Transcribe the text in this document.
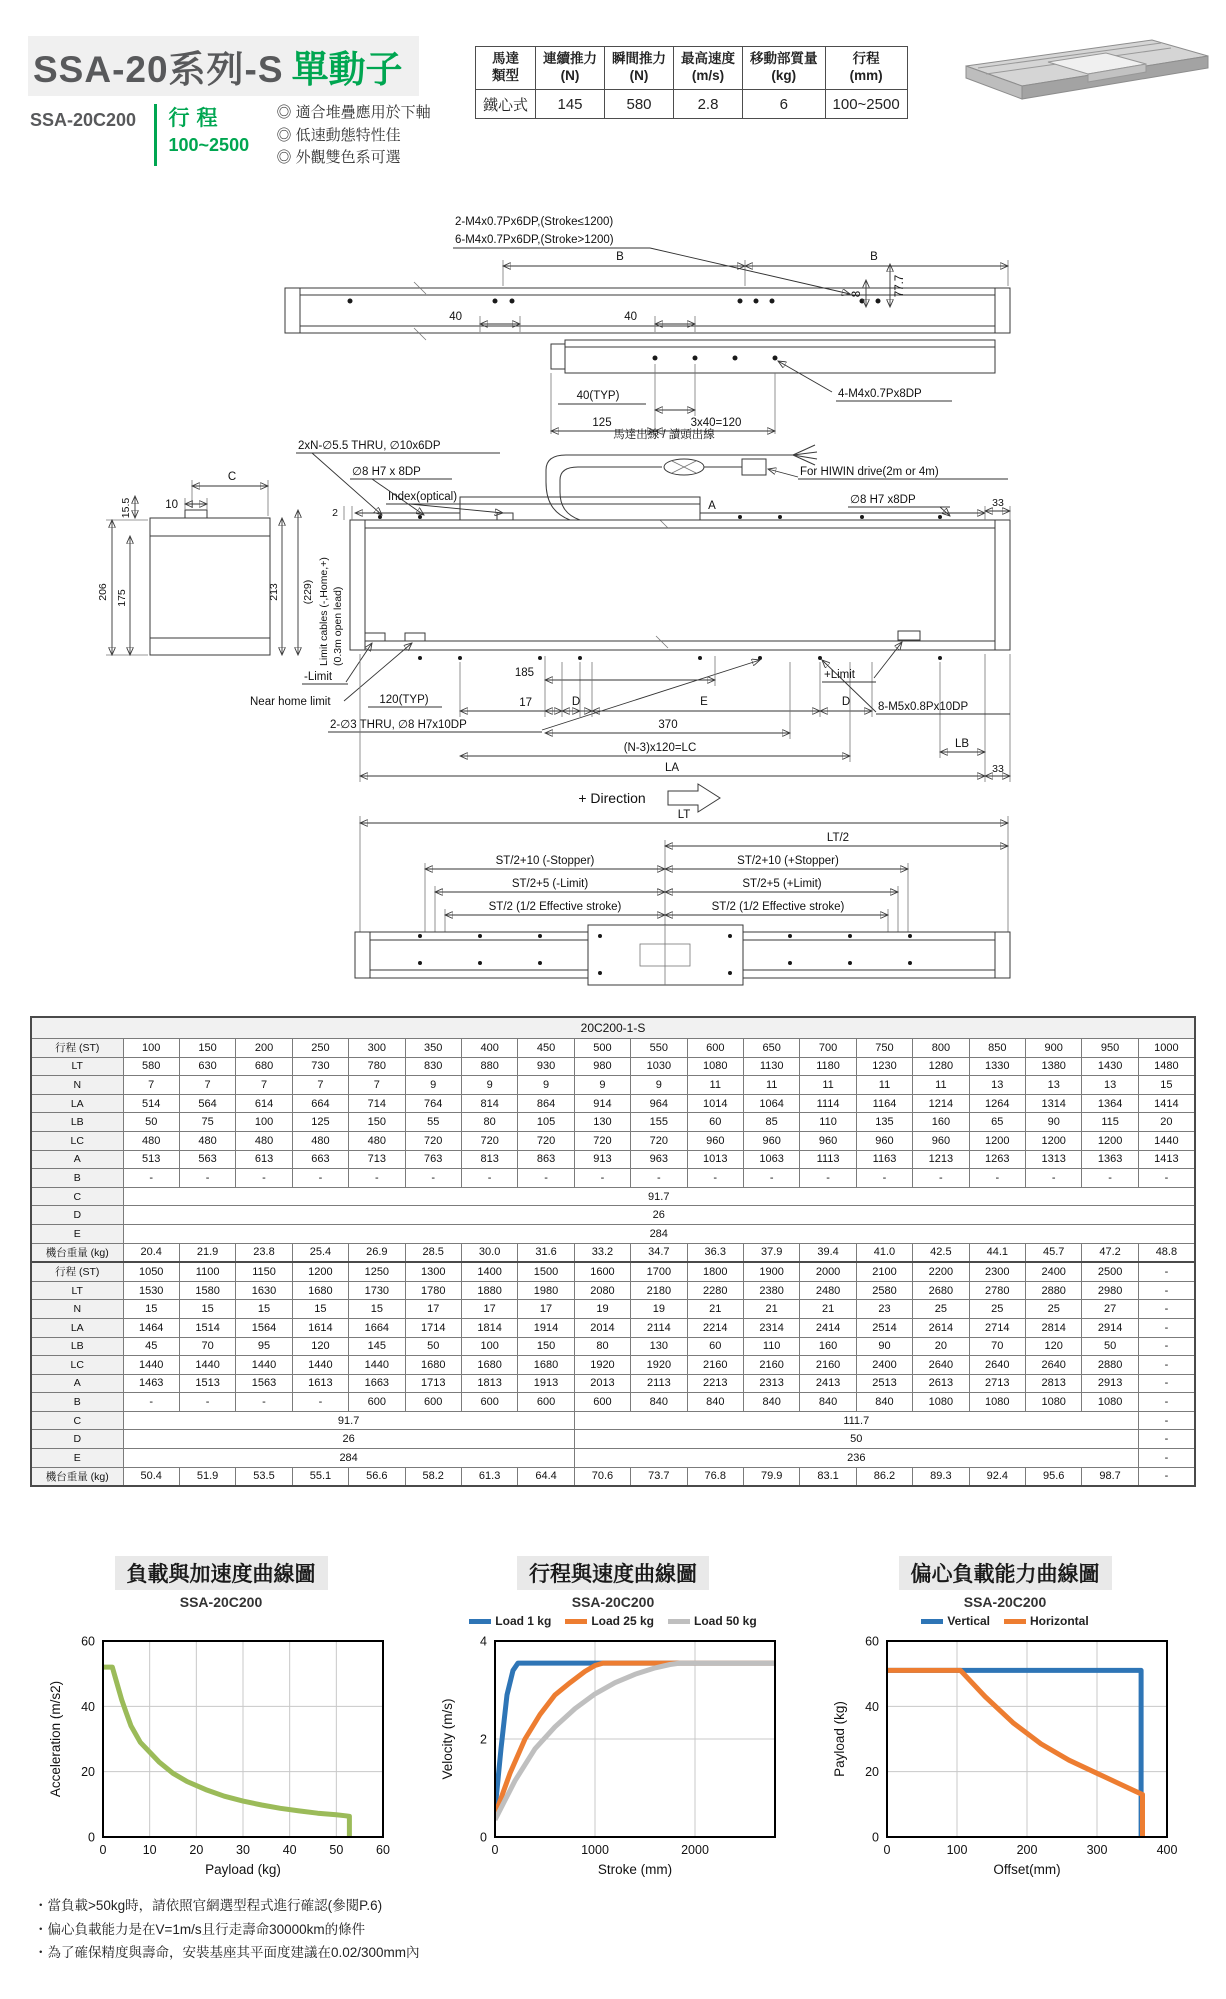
SSA-20系列-S 單動子
SSA-20C200	行程
100~2500
◎ 適合堆疊應用於下軸
◎ 低速動態特性佳
◎ 外觀雙色系可選
馬達
類型

連續推力
(N)

瞬間推力
(N)

最高速度
(m/s)

移動部質量
(kg)

行程
(mm)

鐵心式	145	580	2.8	6	100~2500
B	B
2-M4x0.7Px6DP,(Stroke≤1200)
6-M4x0.7Px6DP,(Stroke>1200)
40	40
8	77.7
40(TYP)
125	3x40=120
4-M4x0.7Px8DP
C
10
15.5
206 175	213 (229)
A	33
2
2xN-∅5.5 THRU, ∅10x6DP
∅8 H7 x 8DP
Index(optical)
馬達出線 / 讀頭出線
For HIWIN drive(2m or 4m)
∅8 H7 x8DP
Limit cables (-,Home,+) (0.3m open lead)
-Limit
Near home limit	120(TYP)
2-∅3 THRU, ∅8 H7x10DP
185
17	D	E	D
370
(N-3)x120=LC	LB
LA	33
+Limit
8-M5x0.8Px10DP
+ Direction
LT
LT/2
ST/2+10 (-Stopper)	ST/2+10 (+Stopper)
ST/2+5 (-Limit)	ST/2+5 (+Limit)
ST/2 (1/2 Effective stroke)	ST/2 (1/2 Effective stroke)
20C200-1-S																			
行程 (ST)	100	150	200	250	300	350	400	450	500	550	600	650	700	750	800	850	900	950	1000
LT	580	630	680	730	780	830	880	930	980	1030	1080	1130	1180	1230	1280	1330	1380	1430	1480
N	7	7	7	7	7	9	9	9	9	9	11	11	11	11	11	13	13	13	15
LA	514	564	614	664	714	764	814	864	914	964	1014	1064	1114	1164	1214	1264	1314	1364	1414
LB	50	75	100	125	150	55	80	105	130	155	60	85	110	135	160	65	90	115	20
LC	480	480	480	480	480	720	720	720	720	720	960	960	960	960	960	1200	1200	1200	1440
A	513	563	613	663	713	763	813	863	913	963	1013	1063	1113	1163	1213	1263	1313	1363	1413
B	-	-	-	-	-	-	-	-	-	-	-	-	-	-	-	-	-	-	-
C	91.7																		
D	26																		
E	284																		
機台重量 (kg)	20.4	21.9	23.8	25.4	26.9	28.5	30.0	31.6	33.2	34.7	36.3	37.9	39.4	41.0	42.5	44.1	45.7	47.2	48.8
行程 (ST)	1050	1100	1150	1200	1250	1300	1400	1500	1600	1700	1800	1900	2000	2100	2200	2300	2400	2500	-
LT	1530	1580	1630	1680	1730	1780	1880	1980	2080	2180	2280	2380	2480	2580	2680	2780	2880	2980	-
N	15	15	15	15	15	17	17	17	19	19	21	21	21	23	25	25	25	27	-
LA	1464	1514	1564	1614	1664	1714	1814	1914	2014	2114	2214	2314	2414	2514	2614	2714	2814	2914	-
LB	45	70	95	120	145	50	100	150	80	130	60	110	160	90	20	70	120	50	-
LC	1440	1440	1440	1440	1440	1680	1680	1680	1920	1920	2160	2160	2160	2400	2640	2640	2640	2880	-
A	1463	1513	1563	1613	1663	1713	1813	1913	2013	2113	2213	2313	2413	2513	2613	2713	2813	2913	-
B	-	-	-	-	600	600	600	600	600	840	840	840	840	840	1080	1080	1080	1080	-
C	91.7								111.7										-
D	26								50										-
E	284								236										-
機台重量 (kg)	50.4	51.9	53.5	55.1	56.6	58.2	61.3	64.4	70.6	73.7	76.8	79.9	83.1	86.2	89.3	92.4	95.6	98.7	-
負載與加速度曲線圖
SSA-20C200
0	10	20	30	40	50	60
0
20
40
60
Payload (kg)
Acceleration (m/s2)
行程與速度曲線圖
SSA-20C200
Load 1 kg	Load 25 kg	Load 50 kg
0	1000	2000
0
2
4
Stroke (mm)
Velocity (m/s)
偏心負載能力曲線圖
SSA-20C200
Vertical	Horizontal
0	100	200	300	400
0
20
40
60
Offset(mm)
Payload (kg)
・當負載>50kg時，請依照官網選型程式進行確認(參閱P.6)
・偏心負載能力是在V=1m/s且行走壽命30000km的條件
・為了確保精度與壽命，安裝基座其平面度建議在0.02/300mm內
